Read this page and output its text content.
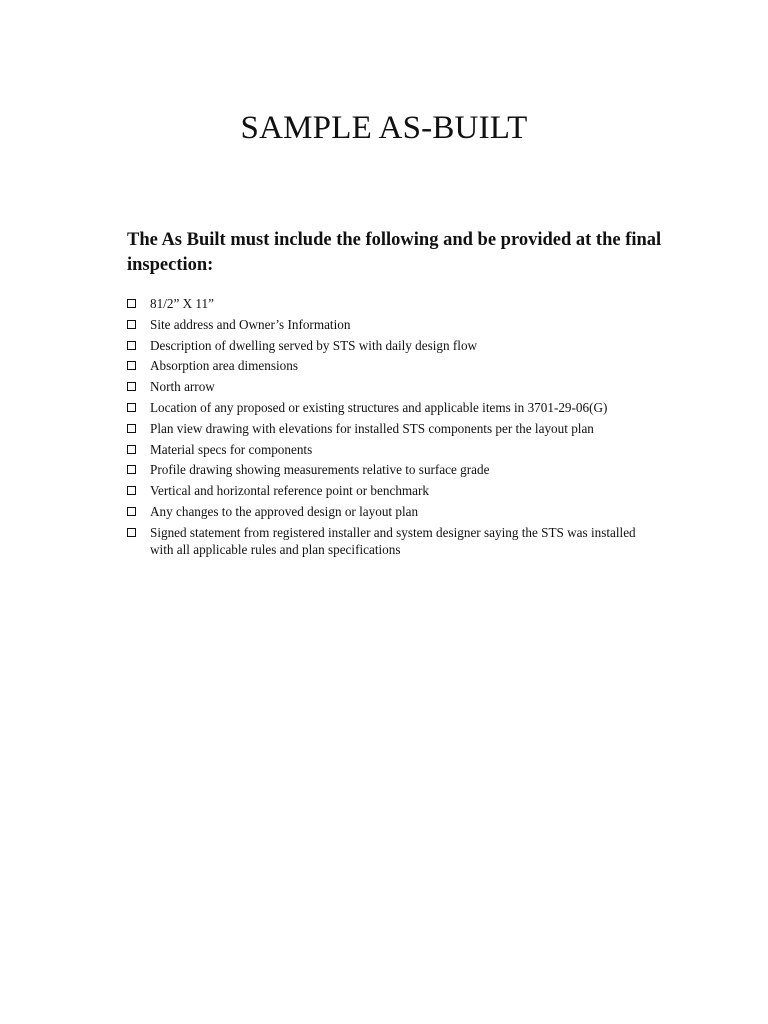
SAMPLE AS-BUILT

The As Built must include the following and be provided at the final inspection:

81/2” X 11”
Site address and Owner’s Information
Description of dwelling served by STS with daily design flow
Absorption area dimensions
North arrow
Location of any proposed or existing structures and applicable items in 3701-29-06(G)
Plan view drawing with elevations for installed STS components per the layout plan
Material specs for components
Profile drawing showing measurements relative to surface grade
Vertical and horizontal reference point or benchmark
Any changes to the approved design or layout plan
Signed statement from registered installer and system designer saying the STS was installed with all applicable rules and plan specifications
